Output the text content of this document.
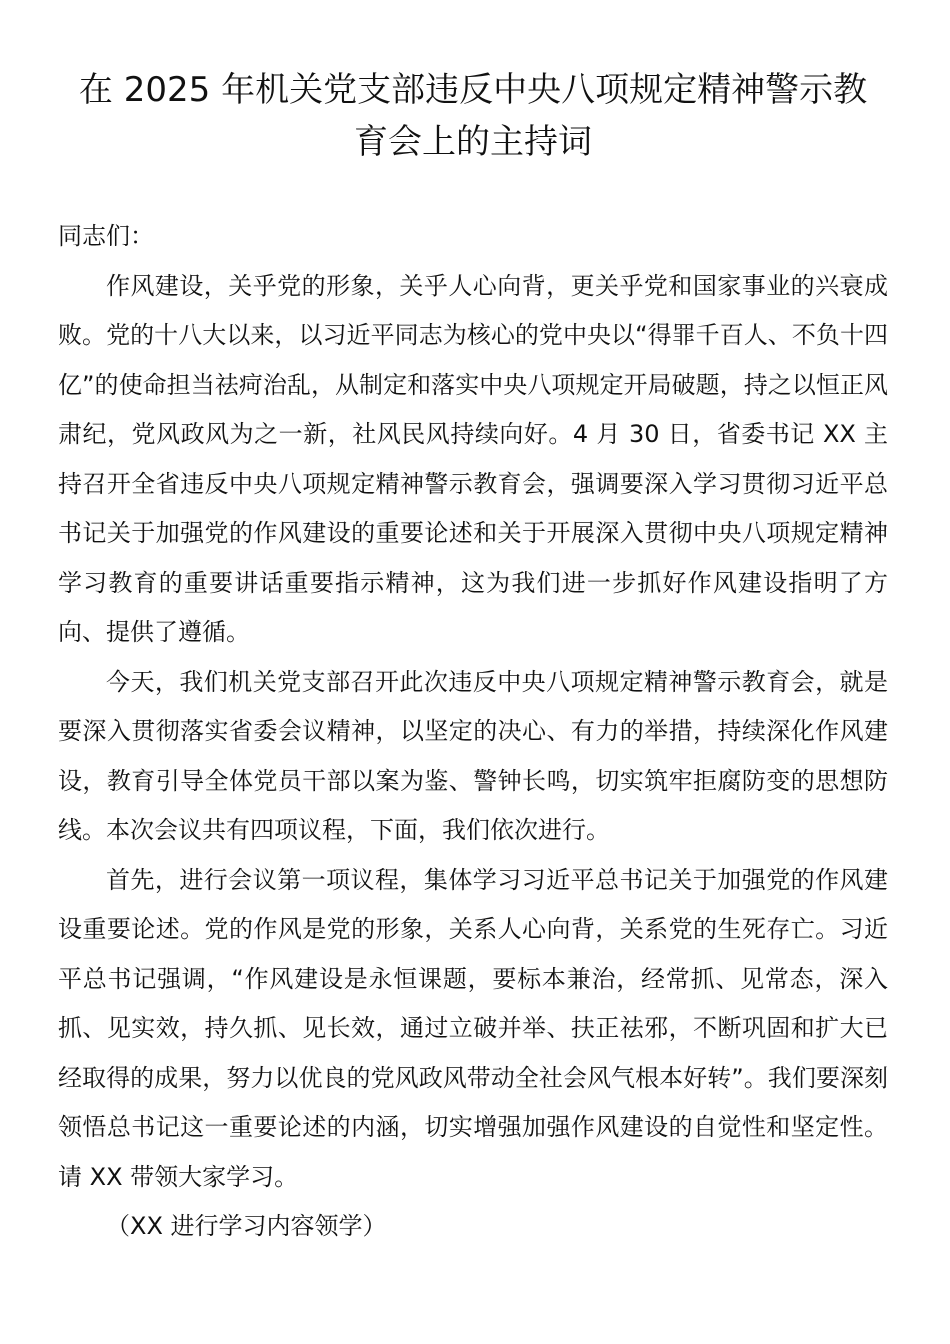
在 2025 年机关党支部违反中央八项规定精神警示教育会上的主持词

同志们：

作风建设，关乎党的形象，关乎人心向背，更关乎党和国家事业的兴衰成败。党的十八大以来，以习近平同志为核心的党中央以“得罪千百人、不负十四亿”的使命担当祛疴治乱，从制定和落实中央八项规定开局破题，持之以恒正风肃纪，党风政风为之一新，社风民风持续向好。4 月 30 日，省委书记 XX 主持召开全省违反中央八项规定精神警示教育会，强调要深入学习贯彻习近平总书记关于加强党的作风建设的重要论述和关于开展深入贯彻中央八项规定精神学习教育的重要讲话重要指示精神，这为我们进一步抓好作风建设指明了方向、提供了遵循。

今天，我们机关党支部召开此次违反中央八项规定精神警示教育会，就是要深入贯彻落实省委会议精神，以坚定的决心、有力的举措，持续深化作风建设，教育引导全体党员干部以案为鉴、警钟长鸣，切实筑牢拒腐防变的思想防线。本次会议共有四项议程，下面，我们依次进行。

首先，进行会议第一项议程，集体学习习近平总书记关于加强党的作风建设重要论述。党的作风是党的形象，关系人心向背，关系党的生死存亡。习近平总书记强调，“作风建设是永恒课题，要标本兼治，经常抓、见常态，深入抓、见实效，持久抓、见长效，通过立破并举、扶正祛邪，不断巩固和扩大已经取得的成果，努力以优良的党风政风带动全社会风气根本好转”。我们要深刻领悟总书记这一重要论述的内涵，切实增强加强作风建设的自觉性和坚定性。请 XX 带领大家学习。

（XX 进行学习内容领学）
